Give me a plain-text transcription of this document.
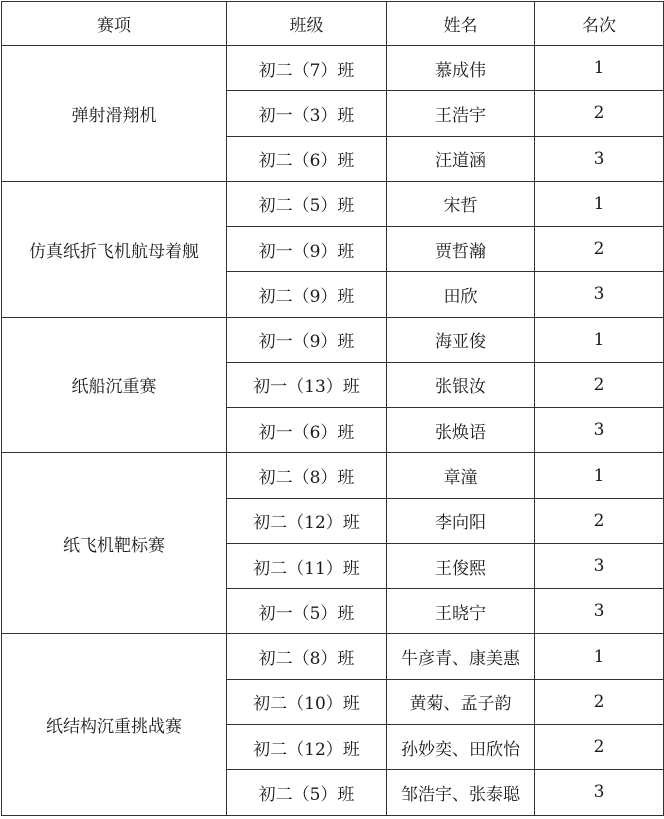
赛项	班级	姓名	名次
弹射滑翔机	初二（7）班	慕成伟	1
	初一（3）班	王浩宇	2
	初二（6）班	汪道涵	3
仿真纸折飞机航母着舰	初二（5）班	宋哲	1
	初一（9）班	贾哲瀚	2
	初二（9）班	田欣	3
纸船沉重赛	初一（9）班	海亚俊	1
	初一（13）班	张银汝	2
	初一（6）班	张焕语	3
纸飞机靶标赛	初二（8）班	章潼	1
	初二（12）班	李向阳	2
	初二（11）班	王俊熙	3
	初一（5）班	王晓宁	3
纸结构沉重挑战赛	初二（8）班	牛彦青、康美惠	1
	初二（10）班	黄菊、孟子韵	2
	初二（12）班	孙妙奕、田欣怡	2
	初二（5）班	邹浩宇、张泰聪	3
